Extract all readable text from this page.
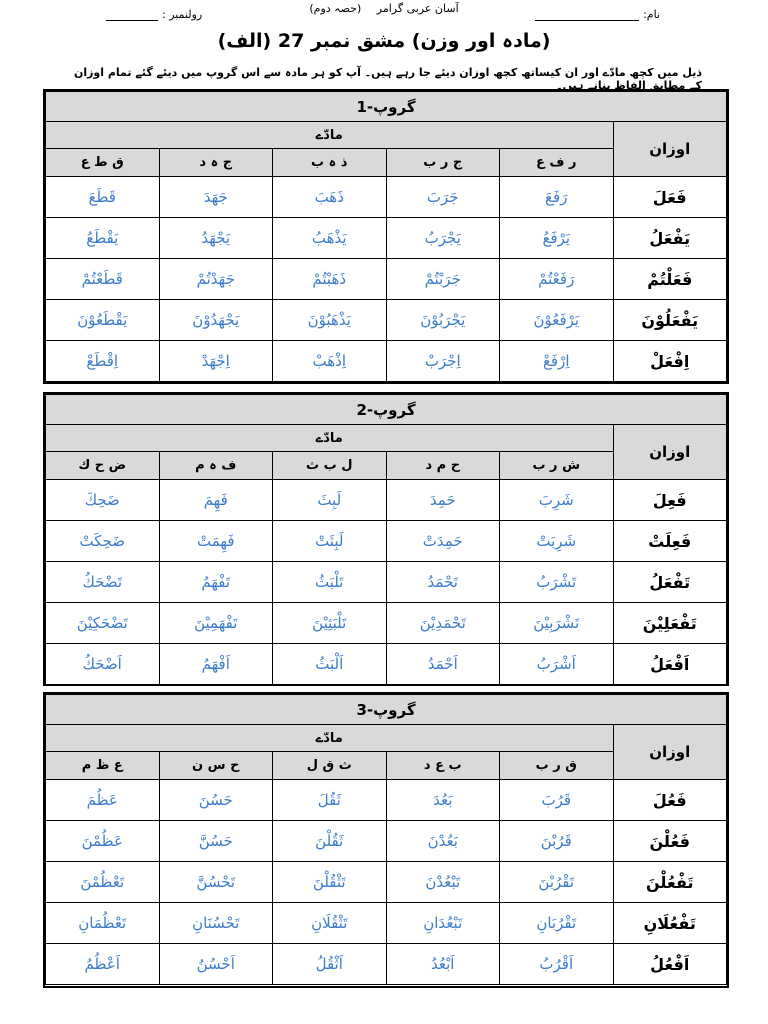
آسان عربی گرامر (حصہ دوم)	نام:
رولنمبر :
(مادہ اور وزن) مشق نمبر 27 (الف)
ذیل میں کچھ مادّے اور ان کیساتھ کچھ اوزان دیئے جا رہے ہیں۔ آپ کو ہر مادہ سے اس گروپ میں دیئے گئے تمام اوزان کے مطابق الفاظ بنانے ہیں۔
گروپ-1					
اوزان	مادّے				
	ر ف ع	ج ر ب	ذ ہ ب	ج ہ د	ق ط ع
فَعَلَ	رَفَعَ	جَرَبَ	ذَهَبَ	جَهَدَ	قَطَعَ
يَفْعَلُ	يَرْفَعُ	يَجْرَبُ	يَذْهَبُ	يَجْهَدُ	يَقْطَعُ
فَعَلْتُمْ	رَفَعْتُمْ	جَرَبْتُمْ	ذَهَبْتُمْ	جَهَدْتُمْ	قَطَعْتُمْ
يَفْعَلُوْنَ	يَرْفَعُوْنَ	يَجْرَبُوْنَ	يَذْهَبُوْنَ	يَجْهَدُوْنَ	يَقْطَعُوْنَ
اِفْعَلْ	اِرْفَعْ	اِجْرَبْ	اِذْهَبْ	اِجْهَدْ	اِقْطَعْ
گروپ-2					
اوزان	مادّے				
	ش ر ب	ح م د	ل ب ث	ف ہ م	ض ح ك
فَعِلَ	شَرِبَ	حَمِدَ	لَبِثَ	فَهِمَ	ضَحِكَ
فَعِلَتْ	شَرِبَتْ	حَمِدَتْ	لَبِثَتْ	فَهِمَتْ	ضَحِكَتْ
تَفْعَلُ	تَشْرَبُ	تَحْمَدُ	تَلْبَثُ	تَفْهَمُ	تَضْحَكُ
تَفْعَلِيْنَ	تَشْرَبِيْنَ	تَحْمَدِيْنَ	تَلْبَثِيْنَ	تَفْهَمِيْنَ	تَضْحَكِيْنَ
اَفْعَلُ	اَشْرَبُ	اَحْمَدُ	اَلْبَثُ	اَفْهَمُ	اَضْحَكُ
گروپ-3					
اوزان	مادّے				
	ق ر ب	ب ع د	ث ق ل	ح س ن	ع ظ م
فَعُلَ	قَرُبَ	بَعُدَ	ثَقُلَ	حَسُنَ	عَظُمَ
فَعُلْنَ	قَرُبْنَ	بَعُدْنَ	ثَقُلْنَ	حَسُنَّ	عَظُمْنَ
تَفْعُلْنَ	تَقْرُبْنَ	تَبْعُدْنَ	تَثْقُلْنَ	تَحْسُنَّ	تَعْظُمْنَ
تَفْعُلَانِ	تَقْرُبَانِ	تَبْعُدَانِ	تَثْقُلَانِ	تَحْسُنَانِ	تَعْظُمَانِ
اَفْعُلُ	اَقْرُبُ	اَبْعُدُ	اَثْقُلُ	اَحْسُنُ	اَعْظُمُ
